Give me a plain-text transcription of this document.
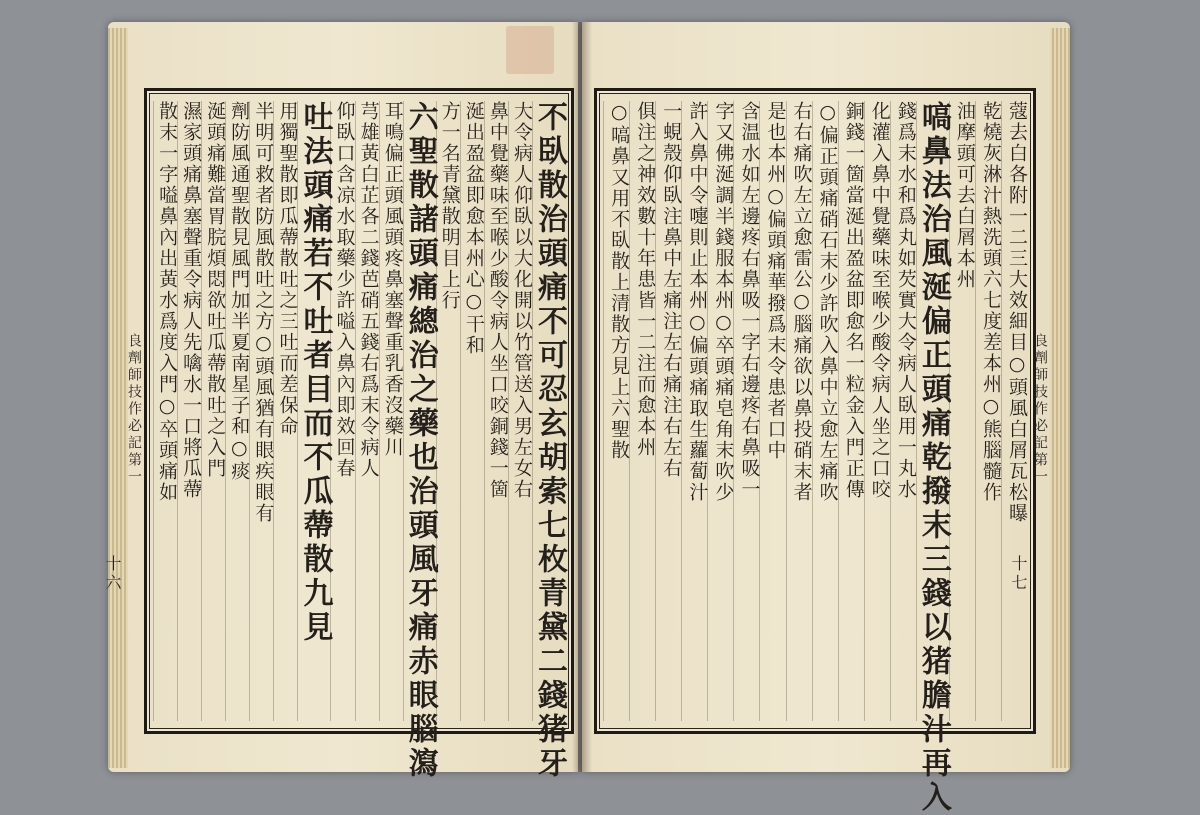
良劑師技作必記第一
十六	不臥散治頭痛不可忍玄胡索七枚青黛二錢猪牙
大令病人仰臥以大化開以竹管送入男左女右
鼻中覺藥味至喉少酸令病人坐口咬銅錢一箇
涎出盈盆即愈本州心○干和
方一名青黛散明目上行
六聖散諸頭痛總治之藥也治頭風牙痛赤眼腦瀉
耳鳴偏正頭風頭疼鼻塞聲重乳香沒藥川
芎雄黃白芷各二錢芭硝五錢右爲末令病人
仰臥口含凉水取藥少許嗌入鼻內即效回春
吐法頭痛若不吐者目而不瓜蔕散九見
用獨聖散即瓜蔕散吐之三吐而差保命
半明可救者防風散吐之方○頭風猶有眼疾眼有
劑防風通聖散見風門加半夏南星子和○痰
涎頭痛難當胃脘煩悶欲吐瓜蔕散吐之入門
濕家頭痛鼻塞聲重令病人先噙水一口將瓜蔕
散末一字嗌鼻內出黃水爲度入門○卒頭痛如	良劑師技作必記第一
十七
蔻去白各附一二三大效細目○頭風白屑瓦松曝
乾燒灰淋汁熱洗頭六七度差本州○熊腦髓作
油摩頭可去白屑本州
嗃鼻法治風涎偏正頭痛乾撥末三錢以猪膽汁再入
錢爲末水和爲丸如芡實大令病人臥用一丸水
化灌入鼻中覺藥味至喉少酸令病人坐之口咬
銅錢一箇當涎出盈盆即愈名一粒金入門正傳
○偏正頭痛硝石末少許吹入鼻中立愈左痛吹
右右痛吹左立愈雷公○腦痛欲以鼻投硝末者
是也本州○偏頭痛華撥爲末令患者口中
含温水如左邊疼右鼻吸一字右邊疼右鼻吸一
字又佛涎調半錢服本州○卒頭痛皂角末吹少
許入鼻中令嚏則止本州○偏頭痛取生蘿蔔汁
一蜆殼仰臥注鼻中左痛注左右痛注右左右
俱注之神效數十年患皆一二注而愈本州
○嗃鼻又用不臥散上清散方見上六聖散
